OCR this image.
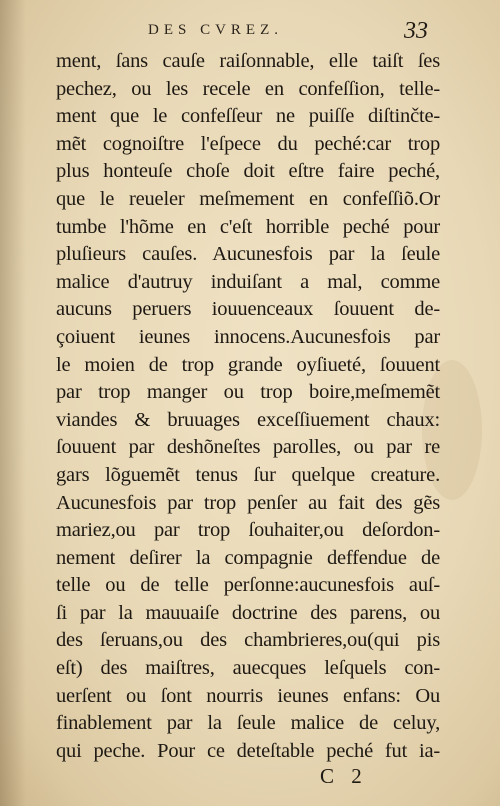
DES CVREZ.	33
ment, ſans cauſe raiſonnable, elle taiſt ſes
pechez, ou les recele en confeſſion, telle-
ment que le confeſſeur ne puiſſe diſtinčte-
mẽt cognoiſtre l'eſpece du peché:car trop
plus honteuſe choſe doit eſtre faire peché,
que le reueler meſmement en confeſſiõ.Or
tumbe l'hõme en c'eſt horrible peché pour
pluſieurs cauſes. Aucunesfois par la ſeule
malice d'autruy induiſant a mal, comme
aucuns peruers iouuenceaux ſouuent de-
çoiuent ieunes innocens.Aucunesfois par
le moien de trop grande oyſiueté, ſouuent
par trop manger ou trop boire,meſmemẽt
viandes & bruuages exceſſiuement chaux:
ſouuent par deshõneſtes parolles, ou par re
gars lõguemẽt tenus ſur quelque creature.
Aucunesfois par trop penſer au fait des gẽs
mariez,ou par trop ſouhaiter,ou deſordon-
nement deſirer la compagnie deffendue de
telle ou de telle perſonne:aucunesfois auſ-
ſi par la mauuaiſe doctrine des parens, ou
des ſeruans,ou des chambrieres,ou(qui pis
eſt) des maiſtres, auecques leſquels con-
uerſent ou ſont nourris ieunes enfans: Ou
finablement par la ſeule malice de celuy,
qui peche. Pour ce deteſtable peché fut ia-
C 2
